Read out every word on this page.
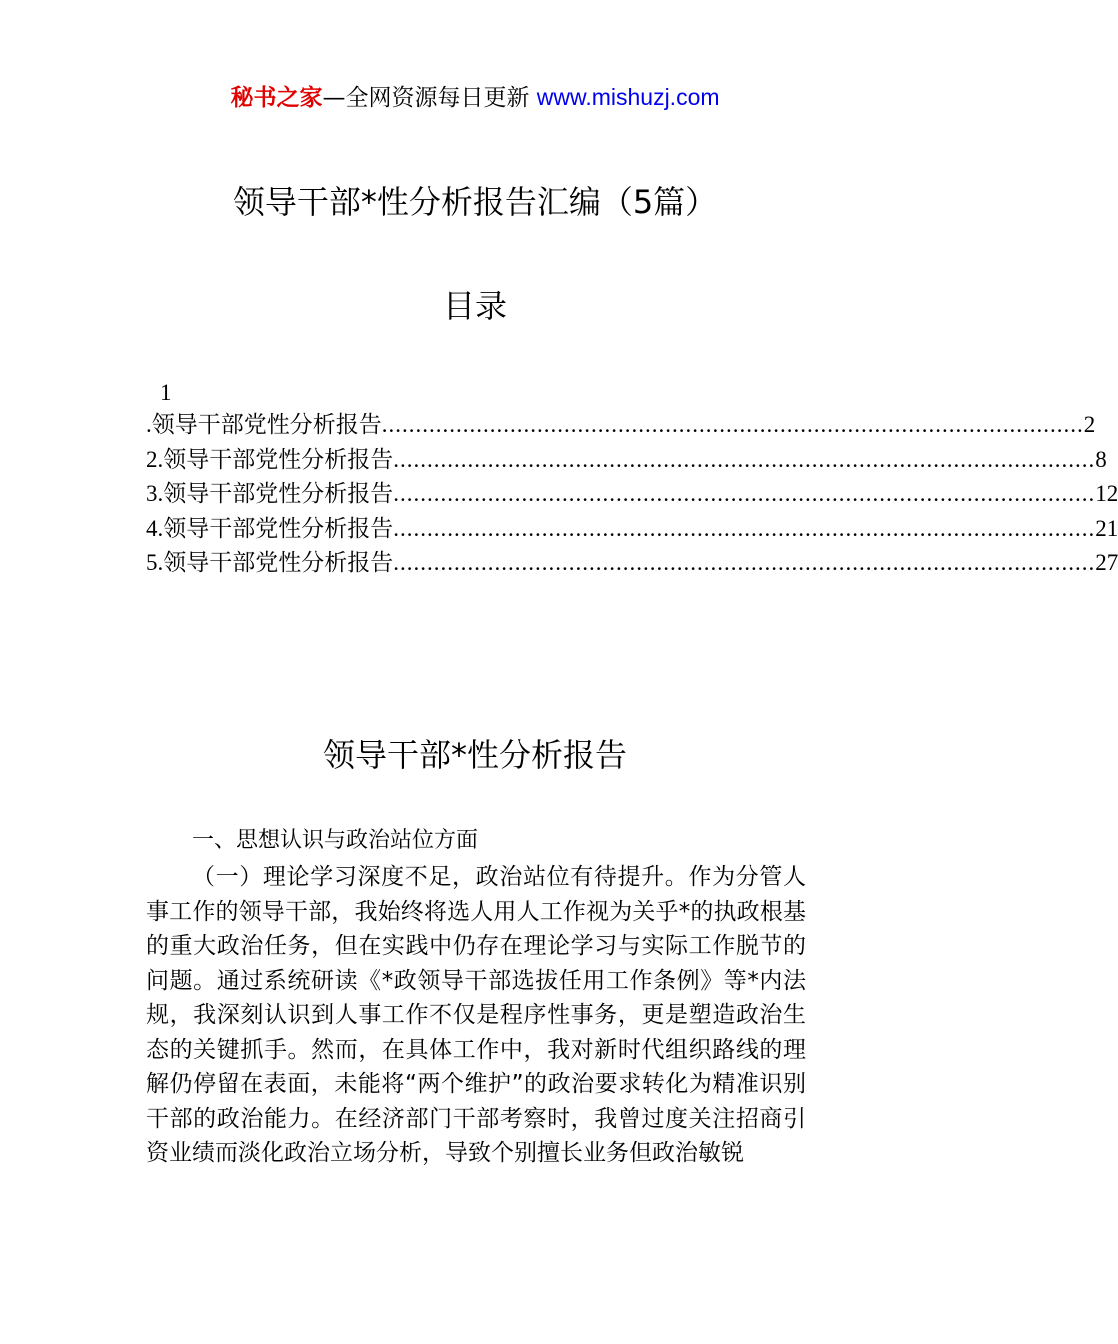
秘书之家—全网资源每日更新 www.mishuzj.com
领导干部*性分析报告汇编（5篇）
目录
1
. 领导干部党性分析报告 ........................................................................................................ 2
2. 领导干部党性分析报告 ........................................................................................................ 8
3. 领导干部党性分析报告 ........................................................................................................ 12
4. 领导干部党性分析报告 ........................................................................................................ 21
5. 领导干部党性分析报告 ........................................................................................................ 27
领导干部*性分析报告
一、思想认识与政治站位方面

（一）理论学习深度不足，政治站位有待提升。作为分管人事工作的领导干部，我始终将选人用人工作视为关乎*的执政根基的重大政治任务，但在实践中仍存在理论学习与实际工作脱节的问题。通过系统研读《*政领导干部选拔任用工作条例》等*内法规，我深刻认识到人事工作不仅是程序性事务，更是塑造政治生态的关键抓手。然而，在具体工作中，我对新时代组织路线的理解仍停留在表面，未能将“两个维护”的政治要求转化为精准识别干部的政治能力。在经济部门干部考察时，我曾过度关注招商引资业绩而淡化政治立场分析，导致个别擅长业务但政治敏锐
